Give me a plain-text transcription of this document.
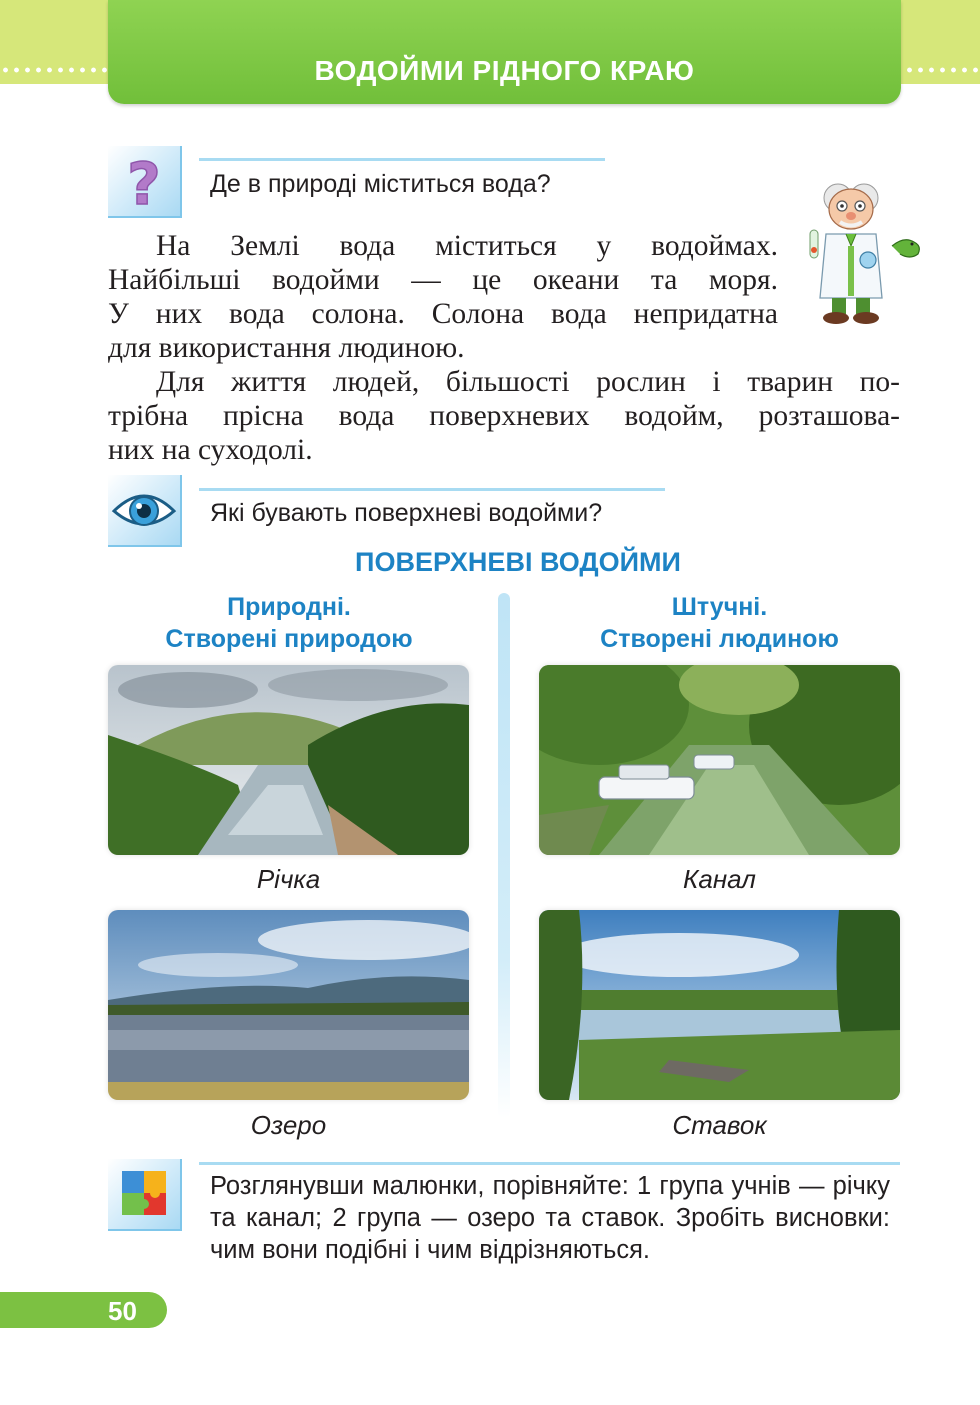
ВОДОЙМИ РІДНОГО КРАЮ
? Де в природі міститься вода?

На Землі вода міститься у водоймах.

Найбільші водойми — це океани та моря.

У них вода солона. Солона вода непридатна

для використання людиною.

Для життя людей, більшості рослин і тварин по-

трібна прісна вода поверхневих водойм, розташова-

них на суходолі.

Які бувають поверхневі водойми?
ПОВЕРХНЕВІ ВОДОЙМИ
Природні.
Створені природою
Штучні.
Створені людиною
Річка	Канал
Озеро	Ставок
Розглянувши малюнки, порівняйте: 1 група учнів — річку та канал; 2 група — озеро та ставок. Зробіть висновки: чим вони подібні і чим відрізняються.
50
